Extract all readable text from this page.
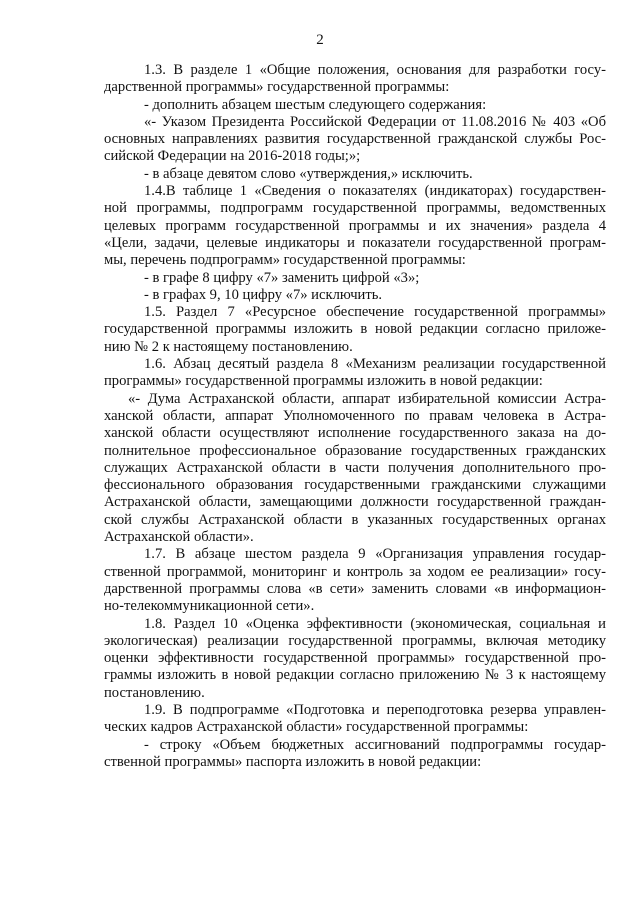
2
1.3. В разделе 1 «Общие положения, основания для разработки госу-
дарственной программы» государственной программы:
- дополнить абзацем шестым следующего содержания:
«- Указом Президента Российской Федерации от 11.08.2016 № 403 «Об
основных направлениях развития государственной гражданской службы Рос-
сийской Федерации на 2016-2018 годы;»;
- в абзаце девятом слово «утверждения,» исключить.
1.4.В таблице 1 «Сведения о показателях (индикаторах) государствен-
ной программы, подпрограмм государственной программы, ведомственных
целевых программ государственной программы и их значения» раздела 4
«Цели, задачи, целевые индикаторы и показатели государственной програм-
мы, перечень подпрограмм» государственной программы:
- в графе 8 цифру «7» заменить цифрой «3»;
- в графах 9, 10 цифру «7» исключить.
1.5. Раздел 7 «Ресурсное обеспечение государственной программы»
государственной программы изложить в новой редакции согласно приложе-
нию № 2 к настоящему постановлению.
1.6. Абзац десятый раздела 8 «Механизм реализации государственной
программы» государственной программы изложить в новой редакции:
«- Дума Астраханской области, аппарат избирательной комиссии Астра-
ханской области, аппарат Уполномоченного по правам человека в Астра-
ханской области осуществляют исполнение государственного заказа на до-
полнительное профессиональное образование государственных гражданских
служащих Астраханской области в части получения дополнительного про-
фессионального образования государственными гражданскими служащими
Астраханской области, замещающими должности государственной граждан-
ской службы Астраханской области в указанных государственных органах
Астраханской области».
1.7. В абзаце шестом раздела 9 «Организация управления государ-
ственной программой, мониторинг и контроль за ходом ее реализации» госу-
дарственной программы слова «в сети» заменить словами «в информацион-
но-телекоммуникационной сети».
1.8. Раздел 10 «Оценка эффективности (экономическая, социальная и
экологическая) реализации государственной программы, включая методику
оценки эффективности государственной программы» государственной про-
граммы изложить в новой редакции согласно приложению № 3 к настоящему
постановлению.
1.9. В подпрограмме «Подготовка и переподготовка резерва управлен-
ческих кадров Астраханской области» государственной программы:
- строку «Объем бюджетных ассигнований подпрограммы государ-
ственной программы» паспорта изложить в новой редакции:
